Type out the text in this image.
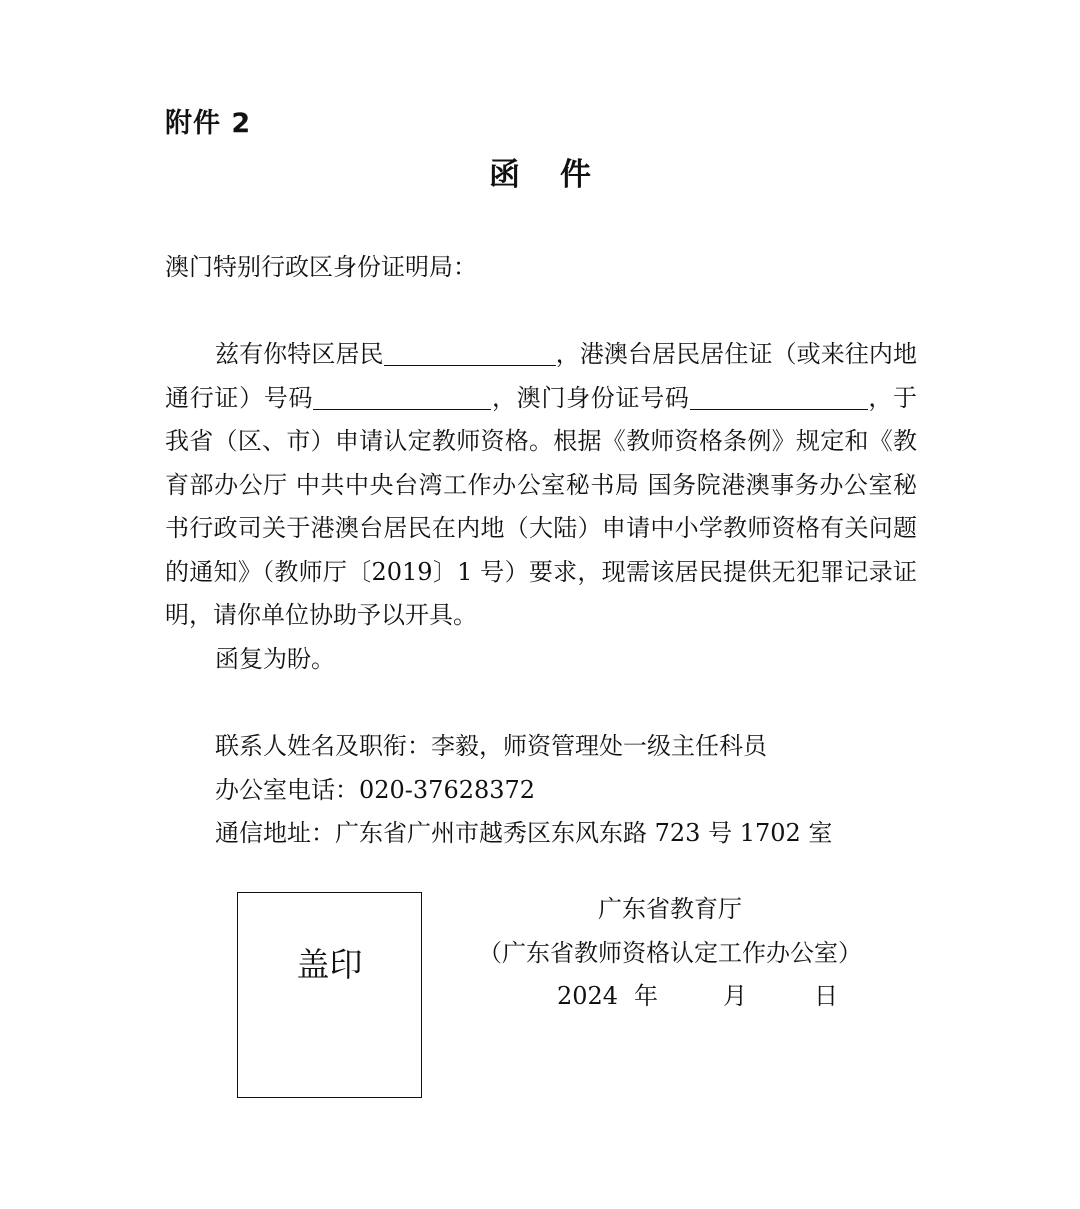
附件 2
函件
澳门特别行政区身份证明局：

兹有你特区居民	，港澳台居民居住证（或来往内地通行证）号码	，澳门身份证号码	，于我省（区、市）申请认定教师资格。根据《教师资格条例》规定和《教育部办公厅 中共中央台湾工作办公室秘书局 国务院港澳事务办公室秘书行政司关于港澳台居民在内地（大陆）申请中小学教师资格有关问题的通知》（教师厅〔2019〕1 号）要求，现需该居民提供无犯罪记录证明，请你单位协助予以开具。

函复为盼。

联系人姓名及职衔：李毅，师资管理处一级主任科员
办公室电话：020-37628372
通信地址：广东省广州市越秀区东风东路 723 号 1702 室
盖印
广东省教育厅
（广东省教师资格认定工作办公室）
2024 年	月	日
